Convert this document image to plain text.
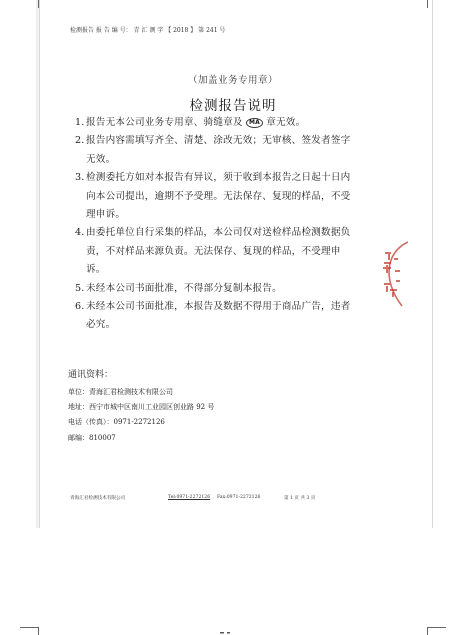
检测报告 报 告 编 号： 青 汇 测 字 【 2018 】 第 241 号
（加盖业务专用章）
检测报告说明
1. 报告无本公司业务专用章、骑缝章及 MA 章无效。
2. 报告内容需填写齐全、清楚、涂改无效；无审核、签发者签字无效。
3. 检测委托方如对本报告有异议，须于收到本报告之日起十日内向本公司提出，逾期不予受理。无法保存、复现的样品，不受理申诉。
4. 由委托单位自行采集的样品，本公司仅对送检样品检测数据负责，不对样品来源负责。无法保存、复现的样品，不受理申诉。
5. 未经本公司书面批准，不得部分复制本报告。
6. 未经本公司书面批准，本报告及数据不得用于商品广告，违者必究。
通讯资料：
单位：青海汇君检测技术有限公司
地址：西宁市城中区南川工业园区创业路 92 号
电话（传真）：0971-2272126
邮编：810007
青海汇君检测技术有限公司	Tel:0971-2272126 Fax:0971-2272126	第 1 页 共 3 页
